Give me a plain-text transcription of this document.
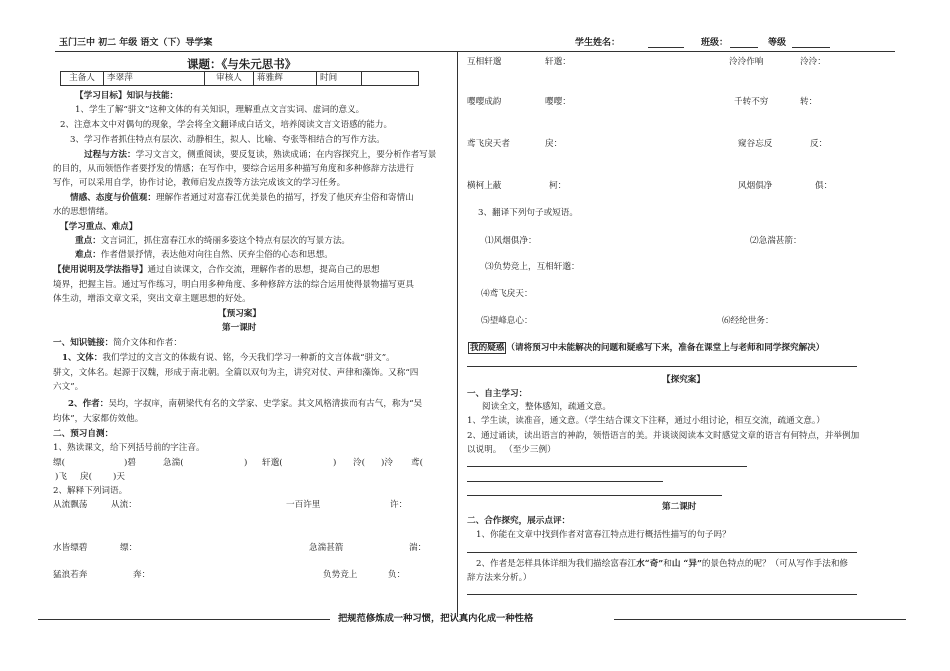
玉门三中 初二 年级 语文（下）导学案	学生姓名：	班级：	等级
课题：《与朱元思书》
主备人	李翠萍	审核人	蒋雅辉	时间	
【学习目标】知识与技能：
1、学生了解“骈文”这种文体的有关知识，理解重点文言实词、虚词的意义。
2、注意本文中对偶句的现象，学会将全文翻译成白话文，培养阅读文言文语感的能力。
3、学习作者抓住特点有层次、动静相生，拟人、比喻、夸张等相结合的写作方法。
过程与方法：学习文言文，侧重阅读，要反复读，熟读成诵；在内容探究上，要分析作者写景
的目的，从而领悟作者要抒发的情感；在写作中，要综合运用多种描写角度和多种修辞方法进行
写作，可以采用自学，协作讨论，教师启发点拨等方法完成该文的学习任务。
情感、态度与价值观：理解作者通过对富春江优美景色的描写，抒发了他厌弃尘俗和寄情山
水的思想情绪。
【学习重点、难点】
重点：文言词汇，抓住富春江水的绮丽多姿这个特点有层次的写景方法。
难点：作者借景抒情，表达他对向往自然、厌弃尘俗的心态和思想。
【使用说明及学法指导】通过自读课文，合作交流，理解作者的思想，提高自己的思想
境界，把握主旨。通过写作练习，明白用多种角度、多种修辞方法的综合运用使得景物描写更具
体生动，增添文章文采，突出文章主题思想的好处。
【预习案】
第一课时
一、知识链接：简介文体和作者：
1、文体：我们学过的文言文的体裁有说、铭，今天我们学习一种新的文言体裁“骈文”。
骈文，文体名。起源于汉魏，形成于南北朝。全篇以双句为主，讲究对仗、声律和藻饰。又称“四
六文”。
2、作者：吴均，字叔庠，南朝梁代有名的文学家、史学家。其文风格清拔而有古气，称为“吴
均体”，大家都仿效他。
二、预习自测：
1、熟读课文，给下列括号前的字注音。
缥(	)碧	急湍(	) 轩邈(	) 泠( )泠 鸢(
)飞 戾( )天
2、解释下列词语。
从流飘荡	从流：	一百许里	许：
水皆缥碧	缥：	急湍甚箭	湍：
猛浪若奔	奔：	负势竞上	负：
互相轩邈	轩邈：	泠泠作响	泠泠：
嘤嘤成韵	嘤嘤：	千转不穷	转：
鸢飞戾天者	戾：	窥谷忘反	反：
横柯上蔽	柯：	风烟俱净	俱：
3、翻译下列句子或短语。
⑴风烟俱净：	⑵急湍甚箭：
⑶负势竞上，互相轩邈：
⑷鸢飞戾天：
⑸望峰息心：	⑹经纶世务：
我的疑惑 （请将预习中未能解决的问题和疑惑写下来，准备在课堂上与老师和同学探究解决）
【探究案】
一、自主学习：
阅读全文，整体感知，疏通文意。
1、学生读，读准音，通文意。（学生结合课文下注释，通过小组讨论，相互交流，疏通文意。）
2、通过诵读，读出语言的神韵，领悟语言的美。并谈谈阅读本文时感觉文章的语言有何特点，并举例加
以说明。 （至少三例）
第二课时
二、合作探究，展示点评：
1、你能在文章中找到作者对富春江特点进行概括性描写的句子吗？
2、作者是怎样具体详细为我们描绘富春江水“奇”和山 “异”的景色特点的呢？（可从写作手法和修
辞方法来分析。）
把规范修炼成一种习惯，把认真内化成一种性格
